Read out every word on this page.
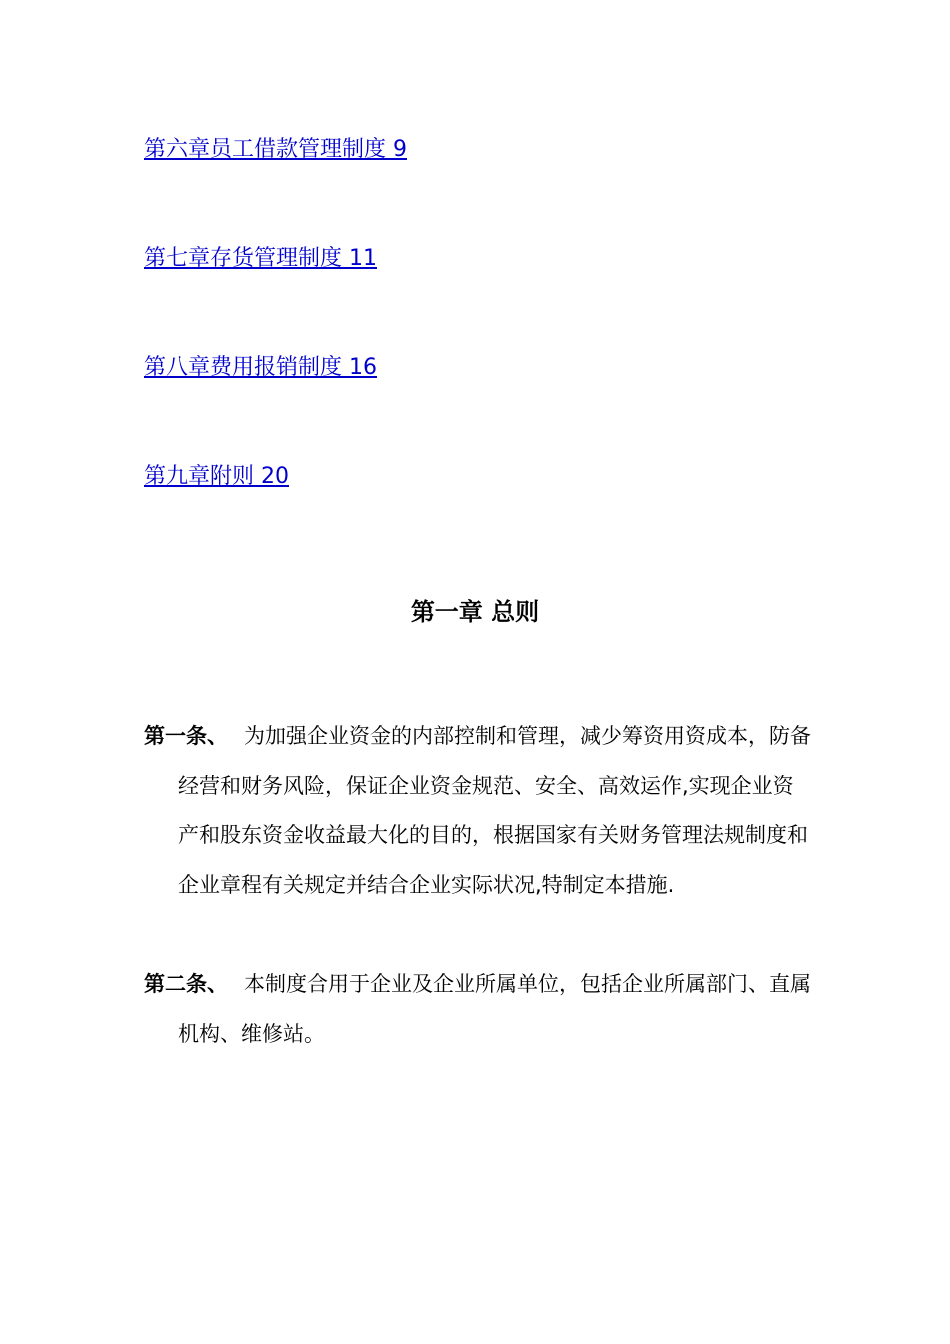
第六章员工借款管理制度 9
第七章存货管理制度 11
第八章费用报销制度 16
第九章附则 20
第一章 总则
第一条、 为加强企业资金的内部控制和管理，减少筹资用资成本，防备经营和财务风险，保证企业资金规范、安全、高效运作,实现企业资产和股东资金收益最大化的目的，根据国家有关财务管理法规制度和企业章程有关规定并结合企业实际状况,特制定本措施.
第二条、 本制度合用于企业及企业所属单位，包括企业所属部门、直属机构、维修站。
